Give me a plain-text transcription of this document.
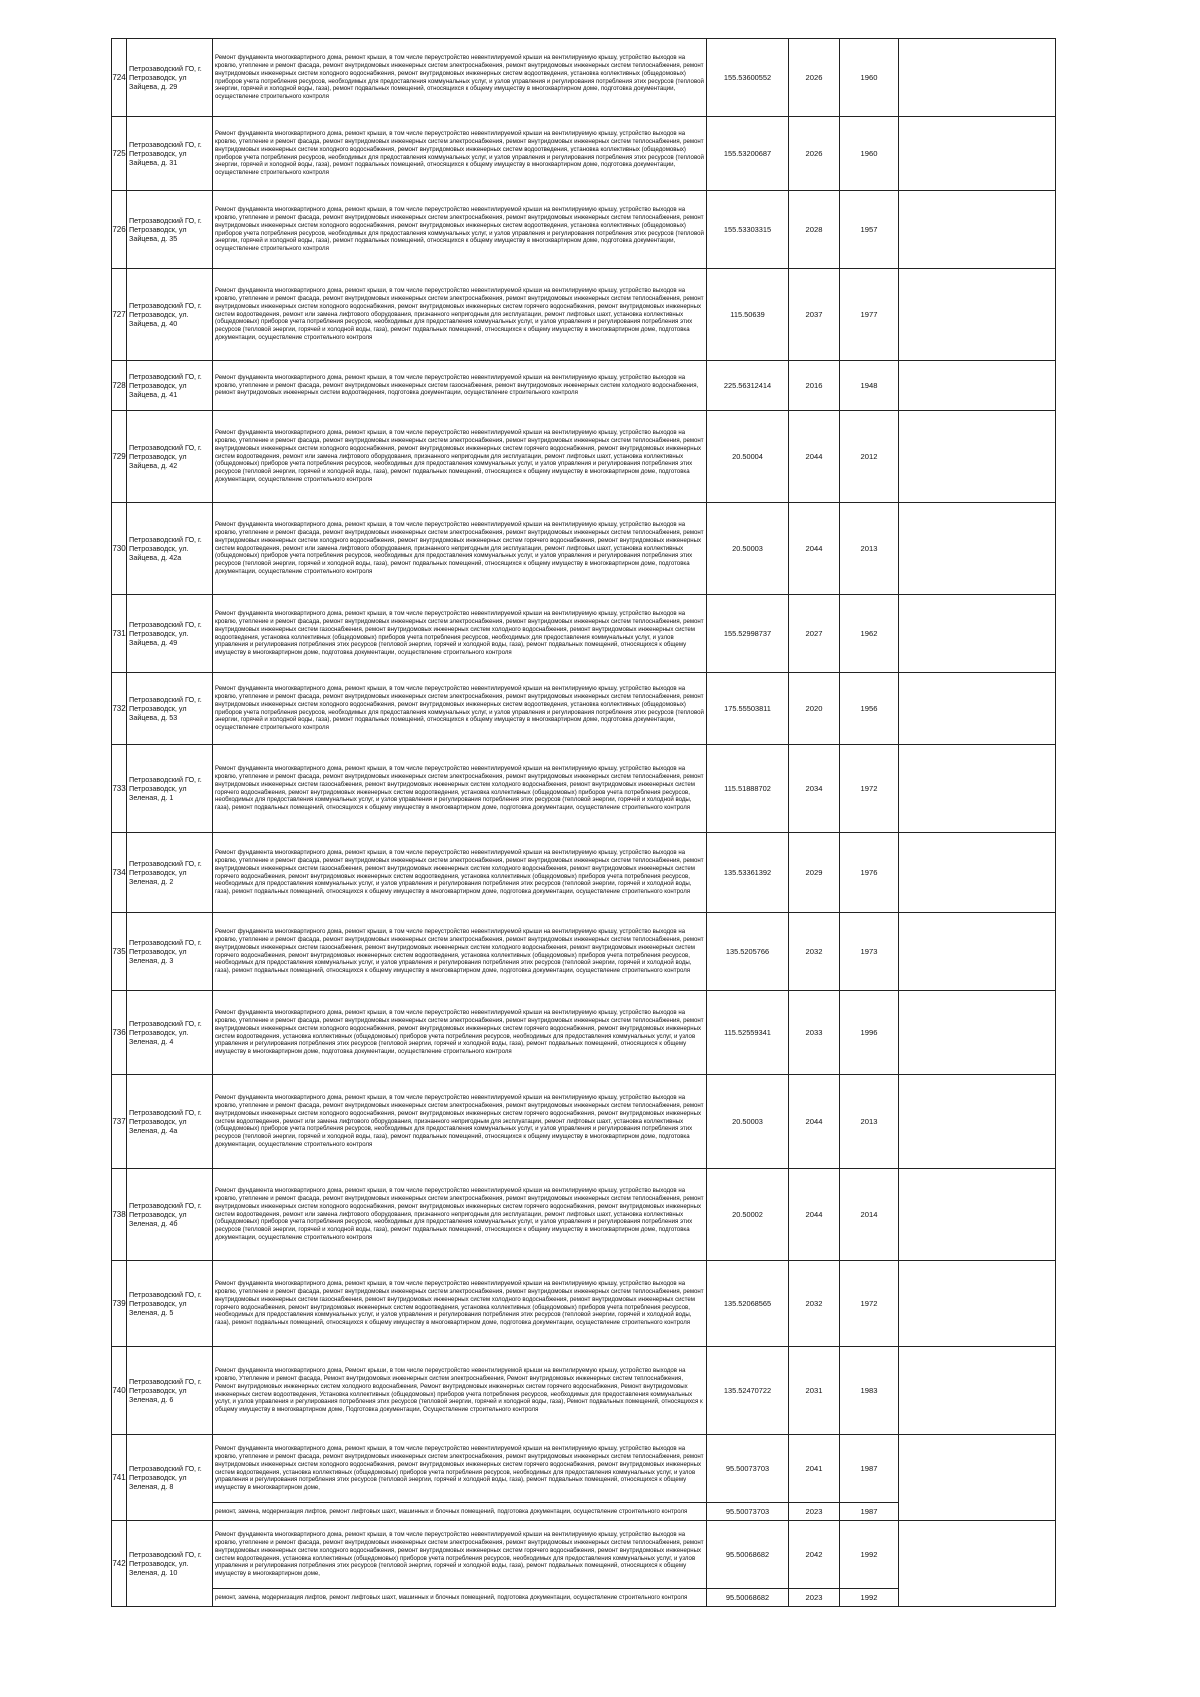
724	Петрозаводский ГО, г. Петрозаводск, ул Зайцева, д. 29	Ремонт фундамента многоквартирного дома, ремонт крыши, в том числе переустройство невентилируемой крыши на вентилируемую крышу, устройство выходов на кровлю, утепление и ремонт фасада, ремонт внутридомовых инженерных систем электроснабжения, ремонт внутридомовых инженерных систем теплоснабжения, ремонт внутридомовых инженерных систем холодного водоснабжения, ремонт внутридомовых инженерных систем водоотведения, установка коллективных (общедомовых) приборов учета потребления ресурсов, необходимых для предоставления коммунальных услуг, и узлов управления и регулирования потребления этих ресурсов (тепловой энергии, горячей и холодной воды, газа), ремонт подвальных помещений, относящихся к общему имуществу в многоквартирном доме, подготовка документации, осуществление строительного контроля	155.53600552	2026	1960	
725	Петрозаводский ГО, г. Петрозаводск, ул Зайцева, д. 31	Ремонт фундамента многоквартирного дома, ремонт крыши, в том числе переустройство невентилируемой крыши на вентилируемую крышу, устройство выходов на кровлю, утепление и ремонт фасада, ремонт внутридомовых инженерных систем электроснабжения, ремонт внутридомовых инженерных систем теплоснабжения, ремонт внутридомовых инженерных систем холодного водоснабжения, ремонт внутридомовых инженерных систем водоотведения, установка коллективных (общедомовых) приборов учета потребления ресурсов, необходимых для предоставления коммунальных услуг, и узлов управления и регулирования потребления этих ресурсов (тепловой энергии, горячей и холодной воды, газа), ремонт подвальных помещений, относящихся к общему имуществу в многоквартирном доме, подготовка документации, осуществление строительного контроля	155.53200687	2026	1960	
726	Петрозаводский ГО, г. Петрозаводск, ул Зайцева, д. 35	Ремонт фундамента многоквартирного дома, ремонт крыши, в том числе переустройство невентилируемой крыши на вентилируемую крышу, устройство выходов на кровлю, утепление и ремонт фасада, ремонт внутридомовых инженерных систем электроснабжения, ремонт внутридомовых инженерных систем теплоснабжения, ремонт внутридомовых инженерных систем холодного водоснабжения, ремонт внутридомовых инженерных систем водоотведения, установка коллективных (общедомовых) приборов учета потребления ресурсов, необходимых для предоставления коммунальных услуг, и узлов управления и регулирования потребления этих ресурсов (тепловой энергии, горячей и холодной воды, газа), ремонт подвальных помещений, относящихся к общему имуществу в многоквартирном доме, подготовка документации, осуществление строительного контроля	155.53303315	2028	1957	
727	Петрозаводский ГО, г. Петрозаводск, ул. Зайцева, д. 40	Ремонт фундамента многоквартирного дома, ремонт крыши, в том числе переустройство невентилируемой крыши на вентилируемую крышу, устройство выходов на кровлю, утепление и ремонт фасада, ремонт внутридомовых инженерных систем электроснабжения, ремонт внутридомовых инженерных систем теплоснабжения, ремонт внутридомовых инженерных систем холодного водоснабжения, ремонт внутридомовых инженерных систем горячего водоснабжения, ремонт внутридомовых инженерных систем водоотведения, ремонт или замена лифтового оборудования, признанного непригодным для эксплуатации, ремонт лифтовых шахт, установка коллективных (общедомовых) приборов учета потребления ресурсов, необходимых для предоставления коммунальных услуг, и узлов управления и регулирования потребления этих ресурсов (тепловой энергии, горячей и холодной воды, газа), ремонт подвальных помещений, относящихся к общему имуществу в многоквартирном доме, подготовка документации, осуществление строительного контроля	115.50639	2037	1977	
728	Петрозаводский ГО, г. Петрозаводск, ул Зайцева, д. 41	Ремонт фундамента многоквартирного дома, ремонт крыши, в том числе переустройство невентилируемой крыши на вентилируемую крышу, устройство выходов на кровлю, утепление и ремонт фасада, ремонт внутридомовых инженерных систем газоснабжения, ремонт внутридомовых инженерных систем холодного водоснабжения, ремонт внутридомовых инженерных систем водоотведения, подготовка документации, осуществление строительного контроля	225.56312414	2016	1948	
729	Петрозаводский ГО, г. Петрозаводск, ул Зайцева, д. 42	Ремонт фундамента многоквартирного дома, ремонт крыши, в том числе переустройство невентилируемой крыши на вентилируемую крышу, устройство выходов на кровлю, утепление и ремонт фасада, ремонт внутридомовых инженерных систем электроснабжения, ремонт внутридомовых инженерных систем теплоснабжения, ремонт внутридомовых инженерных систем холодного водоснабжения, ремонт внутридомовых инженерных систем горячего водоснабжения, ремонт внутридомовых инженерных систем водоотведения, ремонт или замена лифтового оборудования, признанного непригодным для эксплуатации, ремонт лифтовых шахт, установка коллективных (общедомовых) приборов учета потребления ресурсов, необходимых для предоставления коммунальных услуг, и узлов управления и регулирования потребления этих ресурсов (тепловой энергии, горячей и холодной воды, газа), ремонт подвальных помещений, относящихся к общему имуществу в многоквартирном доме, подготовка документации, осуществление строительного контроля	20.50004	2044	2012	
730	Петрозаводский ГО, г. Петрозаводск, ул. Зайцева, д. 42а	Ремонт фундамента многоквартирного дома, ремонт крыши, в том числе переустройство невентилируемой крыши на вентилируемую крышу, устройство выходов на кровлю, утепление и ремонт фасада, ремонт внутридомовых инженерных систем электроснабжения, ремонт внутридомовых инженерных систем теплоснабжения, ремонт внутридомовых инженерных систем холодного водоснабжения, ремонт внутридомовых инженерных систем горячего водоснабжения, ремонт внутридомовых инженерных систем водоотведения, ремонт или замена лифтового оборудования, признанного непригодным для эксплуатации, ремонт лифтовых шахт, установка коллективных (общедомовых) приборов учета потребления ресурсов, необходимых для предоставления коммунальных услуг, и узлов управления и регулирования потребления этих ресурсов (тепловой энергии, горячей и холодной воды, газа), ремонт подвальных помещений, относящихся к общему имуществу в многоквартирном доме, подготовка документации, осуществление строительного контроля	20.50003	2044	2013	
731	Петрозаводский ГО, г. Петрозаводск, ул. Зайцева, д. 49	Ремонт фундамента многоквартирного дома, ремонт крыши, в том числе переустройство невентилируемой крыши на вентилируемую крышу, устройство выходов на кровлю, утепление и ремонт фасада, ремонт внутридомовых инженерных систем электроснабжения, ремонт внутридомовых инженерных систем теплоснабжения, ремонт внутридомовых инженерных систем газоснабжения, ремонт внутридомовых инженерных систем холодного водоснабжения, ремонт внутридомовых инженерных систем водоотведения, установка коллективных (общедомовых) приборов учета потребления ресурсов, необходимых для предоставления коммунальных услуг, и узлов управления и регулирования потребления этих ресурсов (тепловой энергии, горячей и холодной воды, газа), ремонт подвальных помещений, относящихся к общему имуществу в многоквартирном доме, подготовка документации, осуществление строительного контроля	155.52998737	2027	1962	
732	Петрозаводский ГО, г. Петрозаводск, ул Зайцева, д. 53	Ремонт фундамента многоквартирного дома, ремонт крыши, в том числе переустройство невентилируемой крыши на вентилируемую крышу, устройство выходов на кровлю, утепление и ремонт фасада, ремонт внутридомовых инженерных систем электроснабжения, ремонт внутридомовых инженерных систем теплоснабжения, ремонт внутридомовых инженерных систем холодного водоснабжения, ремонт внутридомовых инженерных систем водоотведения, установка коллективных (общедомовых) приборов учета потребления ресурсов, необходимых для предоставления коммунальных услуг, и узлов управления и регулирования потребления этих ресурсов (тепловой энергии, горячей и холодной воды, газа), ремонт подвальных помещений, относящихся к общему имуществу в многоквартирном доме, подготовка документации, осуществление строительного контроля	175.55503811	2020	1956	
733	Петрозаводский ГО, г. Петрозаводск, ул Зеленая, д. 1	Ремонт фундамента многоквартирного дома, ремонт крыши, в том числе переустройство невентилируемой крыши на вентилируемую крышу, устройство выходов на кровлю, утепление и ремонт фасада, ремонт внутридомовых инженерных систем электроснабжения, ремонт внутридомовых инженерных систем теплоснабжения, ремонт внутридомовых инженерных систем газоснабжения, ремонт внутридомовых инженерных систем холодного водоснабжения, ремонт внутридомовых инженерных систем горячего водоснабжения, ремонт внутридомовых инженерных систем водоотведения, установка коллективных (общедомовых) приборов учета потребления ресурсов, необходимых для предоставления коммунальных услуг, и узлов управления и регулирования потребления этих ресурсов (тепловой энергии, горячей и холодной воды, газа), ремонт подвальных помещений, относящихся к общему имуществу в многоквартирном доме, подготовка документации, осуществление строительного контроля	115.51888702	2034	1972	
734	Петрозаводский ГО, г. Петрозаводск, ул Зеленая, д. 2	Ремонт фундамента многоквартирного дома, ремонт крыши, в том числе переустройство невентилируемой крыши на вентилируемую крышу, устройство выходов на кровлю, утепление и ремонт фасада, ремонт внутридомовых инженерных систем электроснабжения, ремонт внутридомовых инженерных систем теплоснабжения, ремонт внутридомовых инженерных систем газоснабжения, ремонт внутридомовых инженерных систем холодного водоснабжения, ремонт внутридомовых инженерных систем горячего водоснабжения, ремонт внутридомовых инженерных систем водоотведения, установка коллективных (общедомовых) приборов учета потребления ресурсов, необходимых для предоставления коммунальных услуг, и узлов управления и регулирования потребления этих ресурсов (тепловой энергии, горячей и холодной воды, газа), ремонт подвальных помещений, относящихся к общему имуществу в многоквартирном доме, подготовка документации, осуществление строительного контроля	135.53361392	2029	1976	
735	Петрозаводский ГО, г. Петрозаводск, ул Зеленая, д. 3	Ремонт фундамента многоквартирного дома, ремонт крыши, в том числе переустройство невентилируемой крыши на вентилируемую крышу, устройство выходов на кровлю, утепление и ремонт фасада, ремонт внутридомовых инженерных систем электроснабжения, ремонт внутридомовых инженерных систем теплоснабжения, ремонт внутридомовых инженерных систем газоснабжения, ремонт внутридомовых инженерных систем холодного водоснабжения, ремонт внутридомовых инженерных систем горячего водоснабжения, ремонт внутридомовых инженерных систем водоотведения, установка коллективных (общедомовых) приборов учета потребления ресурсов, необходимых для предоставления коммунальных услуг, и узлов управления и регулирования потребления этих ресурсов (тепловой энергии, горячей и холодной воды, газа), ремонт подвальных помещений, относящихся к общему имуществу в многоквартирном доме, подготовка документации, осуществление строительного контроля	135.5205766	2032	1973	
736	Петрозаводский ГО, г. Петрозаводск, ул. Зеленая, д. 4	Ремонт фундамента многоквартирного дома, ремонт крыши, в том числе переустройство невентилируемой крыши на вентилируемую крышу, устройство выходов на кровлю, утепление и ремонт фасада, ремонт внутридомовых инженерных систем электроснабжения, ремонт внутридомовых инженерных систем теплоснабжения, ремонт внутридомовых инженерных систем холодного водоснабжения, ремонт внутридомовых инженерных систем горячего водоснабжения, ремонт внутридомовых инженерных систем водоотведения, установка коллективных (общедомовых) приборов учета потребления ресурсов, необходимых для предоставления коммунальных услуг, и узлов управления и регулирования потребления этих ресурсов (тепловой энергии, горячей и холодной воды, газа), ремонт подвальных помещений, относящихся к общему имуществу в многоквартирном доме, подготовка документации, осуществление строительного контроля	115.52559341	2033	1996	
737	Петрозаводский ГО, г. Петрозаводск, ул Зеленая, д. 4а	Ремонт фундамента многоквартирного дома, ремонт крыши, в том числе переустройство невентилируемой крыши на вентилируемую крышу, устройство выходов на кровлю, утепление и ремонт фасада, ремонт внутридомовых инженерных систем электроснабжения, ремонт внутридомовых инженерных систем теплоснабжения, ремонт внутридомовых инженерных систем холодного водоснабжения, ремонт внутридомовых инженерных систем горячего водоснабжения, ремонт внутридомовых инженерных систем водоотведения, ремонт или замена лифтового оборудования, признанного непригодным для эксплуатации, ремонт лифтовых шахт, установка коллективных (общедомовых) приборов учета потребления ресурсов, необходимых для предоставления коммунальных услуг, и узлов управления и регулирования потребления этих ресурсов (тепловой энергии, горячей и холодной воды, газа), ремонт подвальных помещений, относящихся к общему имуществу в многоквартирном доме, подготовка документации, осуществление строительного контроля	20.50003	2044	2013	
738	Петрозаводский ГО, г. Петрозаводск, ул Зеленая, д. 4б	Ремонт фундамента многоквартирного дома, ремонт крыши, в том числе переустройство невентилируемой крыши на вентилируемую крышу, устройство выходов на кровлю, утепление и ремонт фасада, ремонт внутридомовых инженерных систем электроснабжения, ремонт внутридомовых инженерных систем теплоснабжения, ремонт внутридомовых инженерных систем холодного водоснабжения, ремонт внутридомовых инженерных систем горячего водоснабжения, ремонт внутридомовых инженерных систем водоотведения, ремонт или замена лифтового оборудования, признанного непригодным для эксплуатации, ремонт лифтовых шахт, установка коллективных (общедомовых) приборов учета потребления ресурсов, необходимых для предоставления коммунальных услуг, и узлов управления и регулирования потребления этих ресурсов (тепловой энергии, горячей и холодной воды, газа), ремонт подвальных помещений, относящихся к общему имуществу в многоквартирном доме, подготовка документации, осуществление строительного контроля	20.50002	2044	2014	
739	Петрозаводский ГО, г. Петрозаводск, ул Зеленая, д. 5	Ремонт фундамента многоквартирного дома, ремонт крыши, в том числе переустройство невентилируемой крыши на вентилируемую крышу, устройство выходов на кровлю, утепление и ремонт фасада, ремонт внутридомовых инженерных систем электроснабжения, ремонт внутридомовых инженерных систем теплоснабжения, ремонт внутридомовых инженерных систем газоснабжения, ремонт внутридомовых инженерных систем холодного водоснабжения, ремонт внутридомовых инженерных систем горячего водоснабжения, ремонт внутридомовых инженерных систем водоотведения, установка коллективных (общедомовых) приборов учета потребления ресурсов, необходимых для предоставления коммунальных услуг, и узлов управления и регулирования потребления этих ресурсов (тепловой энергии, горячей и холодной воды, газа), ремонт подвальных помещений, относящихся к общему имуществу в многоквартирном доме, подготовка документации, осуществление строительного контроля	135.52068565	2032	1972	
740	Петрозаводский ГО, г. Петрозаводск, ул Зеленая, д. 6	Ремонт фундамента многоквартирного дома, Ремонт крыши, в том числе переустройство невентилируемой крыши на вентилируемую крышу, устройство выходов на кровлю, Утепление и ремонт фасада, Ремонт внутридомовых инженерных систем электроснабжения, Ремонт внутридомовых инженерных систем теплоснабжения, Ремонт внутридомовых инженерных систем холодного водоснабжения, Ремонт внутридомовых инженерных систем горячего водоснабжения, Ремонт внутридомовых инженерных систем водоотведения, Установка коллективных (общедомовых) приборов учета потребления ресурсов, необходимых для предоставления коммунальных услуг, и узлов управления и регулирования потребления этих ресурсов (тепловой энергии, горячей и холодной воды, газа), Ремонт подвальных помещений, относящихся к общему имуществу в многоквартирном доме, Подготовка документации, Осуществление строительного контроля	135.52470722	2031	1983	
741	Петрозаводский ГО, г. Петрозаводск, ул Зеленая, д. 8	Ремонт фундамента многоквартирного дома, ремонт крыши, в том числе переустройство невентилируемой крыши на вентилируемую крышу, устройство выходов на кровлю, утепление и ремонт фасада, ремонт внутридомовых инженерных систем электроснабжения, ремонт внутридомовых инженерных систем теплоснабжения, ремонт внутридомовых инженерных систем холодного водоснабжения, ремонт внутридомовых инженерных систем горячего водоснабжения, ремонт внутридомовых инженерных систем водоотведения, установка коллективных (общедомовых) приборов учета потребления ресурсов, необходимых для предоставления коммунальных услуг, и узлов управления и регулирования потребления этих ресурсов (тепловой энергии, горячей и холодной воды, газа), ремонт подвальных помещений, относящихся к общему имуществу в многоквартирном доме,	95.50073703	2041	1987	
		ремонт, замена, модернизация лифтов, ремонт лифтовых шахт, машинных и блочных помещений, подготовка документации, осуществление строительного контроля	95.50073703	2023	1987	
742	Петрозаводский ГО, г. Петрозаводск, ул. Зеленая, д. 10	Ремонт фундамента многоквартирного дома, ремонт крыши, в том числе переустройство невентилируемой крыши на вентилируемую крышу, устройство выходов на кровлю, утепление и ремонт фасада, ремонт внутридомовых инженерных систем электроснабжения, ремонт внутридомовых инженерных систем теплоснабжения, ремонт внутридомовых инженерных систем холодного водоснабжения, ремонт внутридомовых инженерных систем горячего водоснабжения, ремонт внутридомовых инженерных систем водоотведения, установка коллективных (общедомовых) приборов учета потребления ресурсов, необходимых для предоставления коммунальных услуг, и узлов управления и регулирования потребления этих ресурсов (тепловой энергии, горячей и холодной воды, газа), ремонт подвальных помещений, относящихся к общему имуществу в многоквартирном доме,	95.50068682	2042	1992	
		ремонт, замена, модернизация лифтов, ремонт лифтовых шахт, машинных и блочных помещений, подготовка документации, осуществление строительного контроля	95.50068682	2023	1992	
